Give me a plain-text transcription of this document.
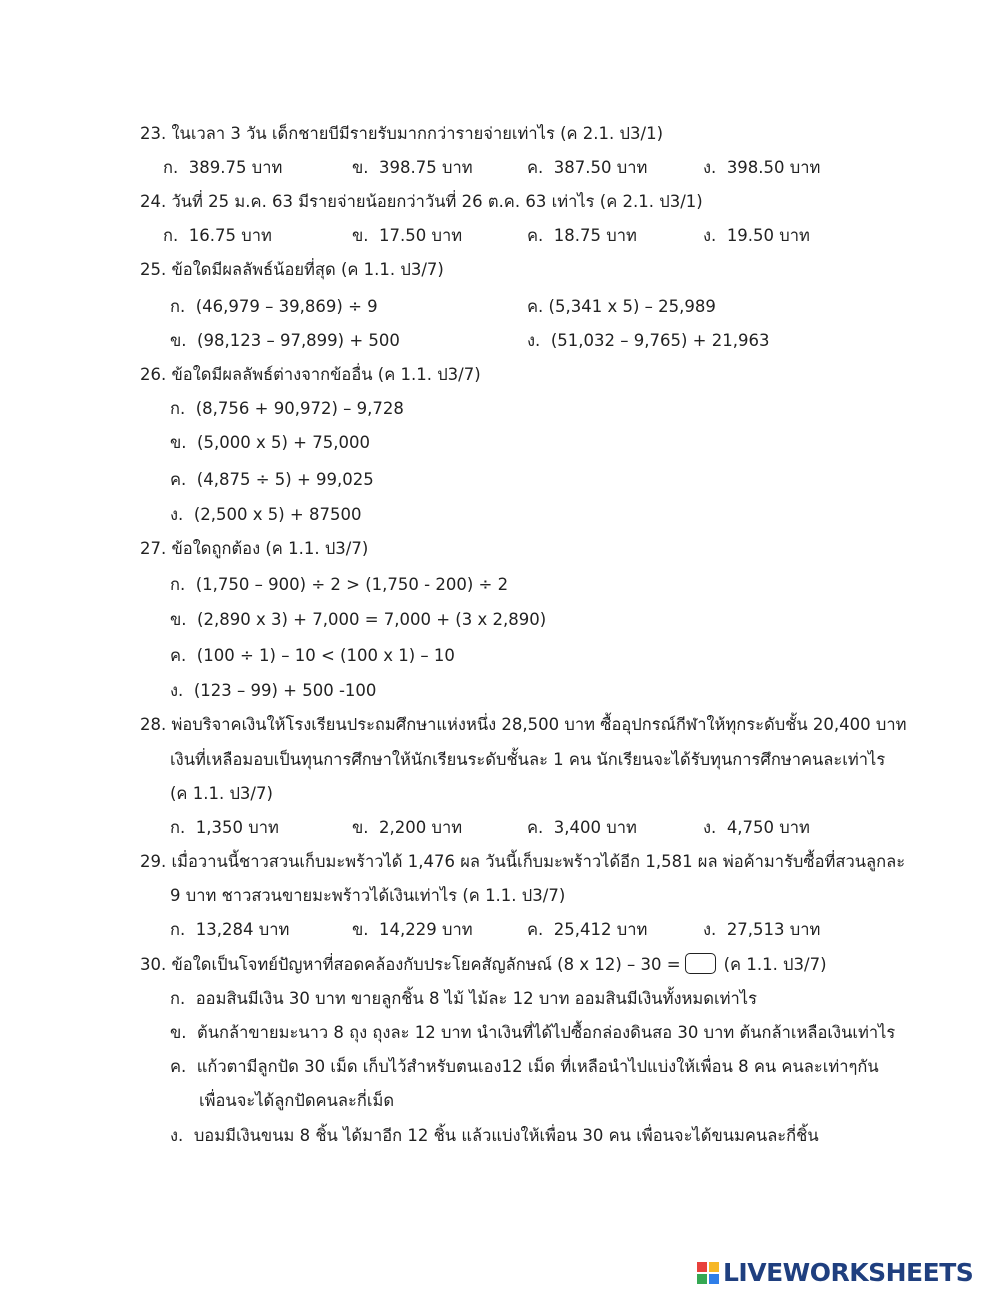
23. ในเวลา 3 วัน เด็กชายบีมีรายรับมากกว่ารายจ่ายเท่าไร (ค 2.1. ป3/1)
ก. 389.75 บาท	ข. 398.75 บาท	ค. 387.50 บาท	ง. 398.50 บาท
24. วันที่ 25 ม.ค. 63 มีรายจ่ายน้อยกว่าวันที่ 26 ต.ค. 63 เท่าไร (ค 2.1. ป3/1)
ก. 16.75 บาท	ข. 17.50 บาท	ค. 18.75 บาท	ง. 19.50 บาท
25. ข้อใดมีผลลัพธ์น้อยที่สุด (ค 1.1. ป3/7)
ก. (46,979 – 39,869) ÷ 9	ค. (5,341 x 5) – 25,989
ข. (98,123 – 97,899) + 500	ง. (51,032 – 9,765) + 21,963
26. ข้อใดมีผลลัพธ์ต่างจากข้ออื่น (ค 1.1. ป3/7)
ก. (8,756 + 90,972) – 9,728
ข. (5,000 x 5) + 75,000
ค. (4,875 ÷ 5) + 99,025
ง. (2,500 x 5) + 87500
27. ข้อใดถูกต้อง (ค 1.1. ป3/7)
ก. (1,750 – 900) ÷ 2 > (1,750 - 200) ÷ 2
ข. (2,890 x 3) + 7,000 = 7,000 + (3 x 2,890)
ค. (100 ÷ 1) – 10 < (100 x 1) – 10
ง. (123 – 99) + 500 -100
28. พ่อบริจาคเงินให้โรงเรียนประถมศึกษาแห่งหนึ่ง 28,500 บาท ซื้ออุปกรณ์กีฬาให้ทุกระดับชั้น 20,400 บาท
เงินที่เหลือมอบเป็นทุนการศึกษาให้นักเรียนระดับชั้นละ 1 คน นักเรียนจะได้รับทุนการศึกษาคนละเท่าไร
(ค 1.1. ป3/7)
ก. 1,350 บาท	ข. 2,200 บาท	ค. 3,400 บาท	ง. 4,750 บาท
29. เมื่อวานนี้ชาวสวนเก็บมะพร้าวได้ 1,476 ผล วันนี้เก็บมะพร้าวได้อีก 1,581 ผล พ่อค้ามารับซื้อที่สวนลูกละ
9 บาท ชาวสวนขายมะพร้าวได้เงินเท่าไร (ค 1.1. ป3/7)
ก. 13,284 บาท	ข. 14,229 บาท	ค. 25,412 บาท	ง. 27,513 บาท
30. ข้อใดเป็นโจทย์ปัญหาที่สอดคล้องกับประโยคสัญลักษณ์ (8 x 12) – 30 =	(ค 1.1. ป3/7)
ก. ออมสินมีเงิน 30 บาท ขายลูกชิ้น 8 ไม้ ไม้ละ 12 บาท ออมสินมีเงินทั้งหมดเท่าไร
ข. ต้นกล้าขายมะนาว 8 ถุง ถุงละ 12 บาท นำเงินที่ได้ไปซื้อกล่องดินสอ 30 บาท ต้นกล้าเหลือเงินเท่าไร
ค. แก้วตามีลูกปัด 30 เม็ด เก็บไว้สำหรับตนเอง12 เม็ด ที่เหลือนำไปแบ่งให้เพื่อน 8 คน คนละเท่าๆกัน
เพื่อนจะได้ลูกปัดคนละกี่เม็ด
ง. บอมมีเงินขนม 8 ชิ้น ได้มาอีก 12 ชิ้น แล้วแบ่งให้เพื่อน 30 คน เพื่อนจะได้ขนมคนละกี่ชิ้น
LIVEWORKSHEETS
